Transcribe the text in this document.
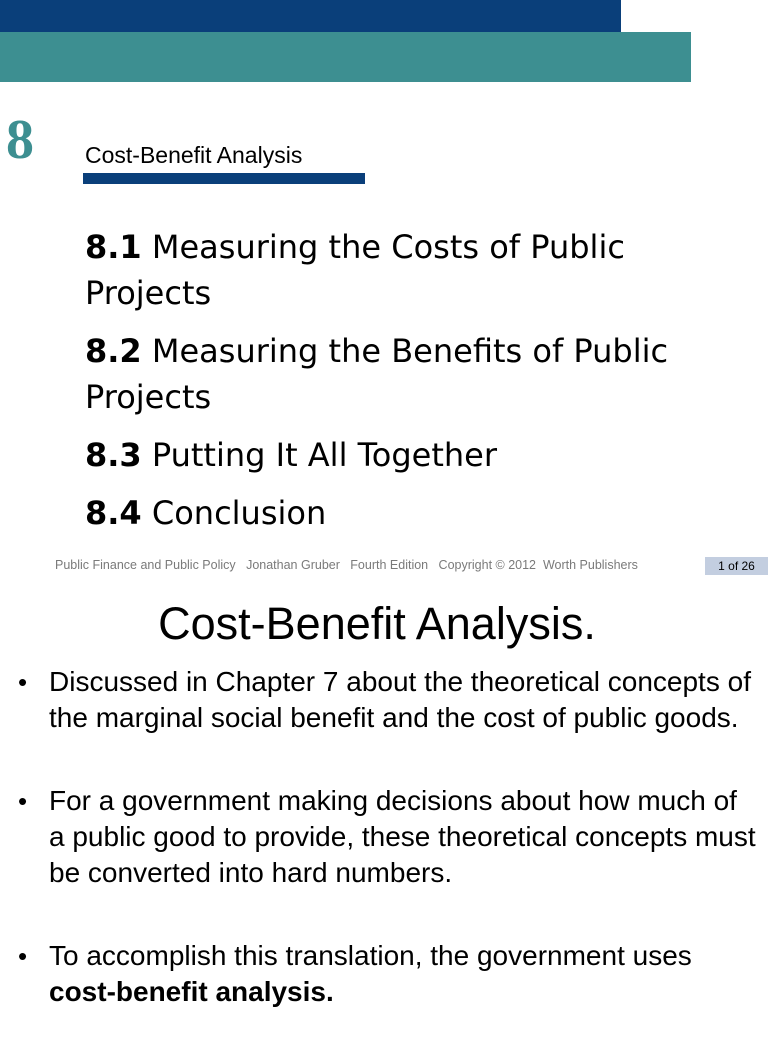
8 Cost-Benefit Analysis
8.1 Measuring the Costs of Public Projects
8.2 Measuring the Benefits of Public Projects
8.3 Putting It All Together
8.4 Conclusion
Public Finance and Public Policy   Jonathan Gruber   Fourth Edition   Copyright © 2012  Worth Publishers	1 of 26
Cost-Benefit Analysis.
• Discussed in Chapter 7 about the theoretical concepts of the marginal social benefit and the cost of public goods.
• For a government making decisions about how much of a public good to provide, these theoretical concepts must be converted into hard numbers.
• To accomplish this translation, the government uses cost-benefit analysis.
